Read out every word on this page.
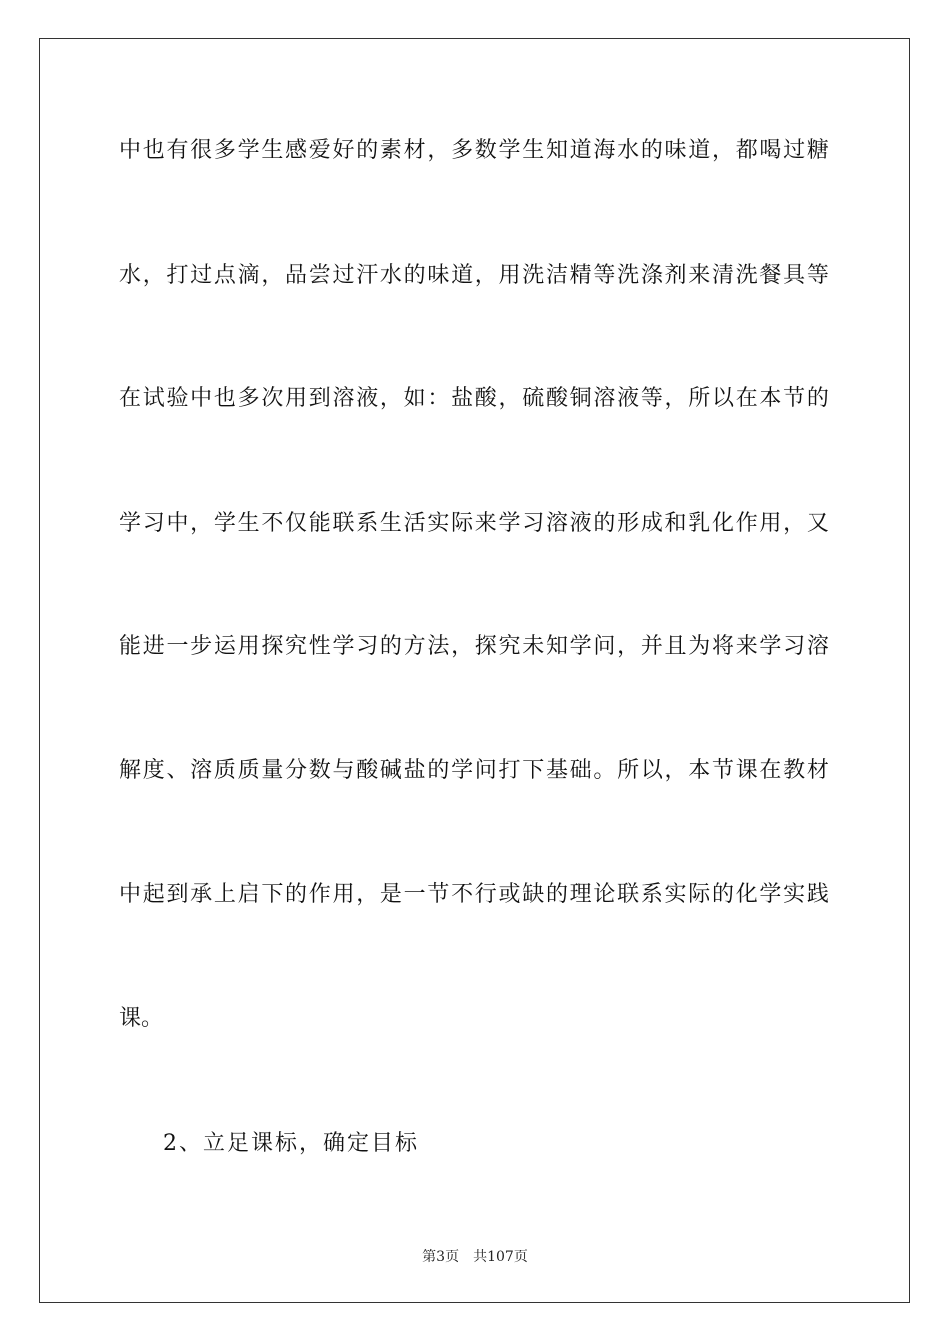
中 也 有 很 多 学 生 感 爱 好 的 素 材 ， 多 数 学 生 知 道 海 水 的 味 道 ， 都 喝 过 糖
水 ， 打 过 点 滴 ， 品 尝 过 汗 水 的 味 道 ， 用 洗 洁 精 等 洗 涤 剂 来 清 洗 餐 具 等
在 试 验 中 也 多 次 用 到 溶 液 ， 如 ： 盐 酸 ， 硫 酸 铜 溶 液 等 ， 所 以 在 本 节 的
学 习 中 ， 学 生 不 仅 能 联 系 生 活 实 际 来 学 习 溶 液 的 形 成 和 乳 化 作 用 ， 又
能 进 一 步 运 用 探 究 性 学 习 的 方 法 ， 探 究 未 知 学 问 ， 并 且 为 将 来 学 习 溶
解 度 、 溶 质 质 量 分 数 与 酸 碱 盐 的 学 问 打 下 基 础 。 所 以 ， 本 节 课 在 教 材
中 起 到 承 上 启 下 的 作 用 ， 是 一 节 不 行 或 缺 的 理 论 联 系 实 际 的 化 学 实 践
课。
2、立足课标，确定目标
第3页 共107页
